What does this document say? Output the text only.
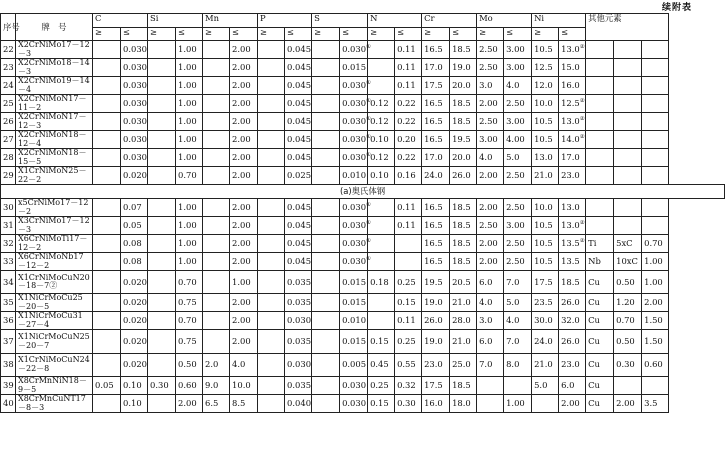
续附表
序号	牌　号	C		Si		Mn		P		S		N		Cr		Mo		Ni		其他元素		
		≥	≤	≥	≤	≥	≤	≥	≤	≥	≤	≥	≤	≥	≤	≥	≤	≥	≤			
22	X2CrNiMo17－12－3		0.030		1.00		2.00		0.045		0.030①		0.11	16.5	18.5	2.50	3.00	10.5	13.0②			
23	X2CrNiMo18－14－3		0.030		1.00		2.00		0.045		0.015		0.11	17.0	19.0	2.50	3.00	12.5	15.0			
24	X2CrNiMo19－14－4		0.030		1.00		2.00		0.045		0.030①		0.11	17.5	20.0	3.0	4.0	12.0	16.0			
25	X2CrNiMoN17－11－2		0.030		1.00		2.00		0.045		0.030①	0.12	0.22	16.5	18.5	2.00	2.50	10.0	12.5②			
26	X2CrNiMoN17－12－3		0.030		1.00		2.00		0.045		0.030①	0.12	0.22	16.5	18.5	2.50	3.00	10.5	13.0②			
27	X2CrNiMoN18－12－4		0.030		1.00		2.00		0.045		0.030①	0.10	0.20	16.5	19.5	3.00	4.00	10.5	14.0②			
28	X2CrNiMoN18－15－5		0.030		1.00		2.00		0.045		0.030①	0.12	0.22	17.0	20.0	4.0	5.0	13.0	17.0			
29	X1CrNiMoN25－22－2		0.020		0.70		2.00		0.025		0.010	0.10	0.16	24.0	26.0	2.00	2.50	21.0	23.0			
(a)奥氏体钢																						
30	x5CrNiMo17－12－2		0.07		1.00		2.00		0.045		0.030①		0.11	16.5	18.5	2.00	2.50	10.0	13.0			
31	X3CrNiMo17－12－3		0.05		1.00		2.00		0.045		0.030①		0.11	16.5	18.5	2.50	3.00	10.5	13.0②			
32	X6CrNiMoTi17－12－2		0.08		1.00		2.00		0.045		0.030①			16.5	18.5	2.00	2.50	10.5	13.5②	Ti	5xC	0.70
33	X6CrNiMoNb17－12－2		0.08		1.00		2.00		0.045		0.030①			16.5	18.5	2.00	2.50	10.5	13.5	Nb	10xC	1.00
34	X1CrNiMoCuN20－18－7②		0.020		0.70		1.00		0.035		0.015	0.18	0.25	19.5	20.5	6.0	7.0	17.5	18.5	Cu	0.50	1.00
35	X1NiCrMoCu25－20－5		0.020		0.75		2.00		0.035		0.015		0.15	19.0	21.0	4.0	5.0	23.5	26.0	Cu	1.20	2.00
36	X1NiCrMoCu31－27－4		0.020		0.70		2.00		0.030		0.010		0.11	26.0	28.0	3.0	4.0	30.0	32.0	Cu	0.70	1.50
37	X1NiCrMoCuN25－20－7		0.020		0.75		2.00		0.035		0.015	0.15	0.25	19.0	21.0	6.0	7.0	24.0	26.0	Cu	0.50	1.50
38	X1CrNiMoCuN24－22－8		0.020		0.50	2.0	4.0		0.030		0.005	0.45	0.55	23.0	25.0	7.0	8.0	21.0	23.0	Cu	0.30	0.60
39	X8CrMnNiN18－9－5	0.05	0.10	0.30	0.60	9.0	10.0		0.035		0.030	0.25	0.32	17.5	18.5			5.0	6.0	Cu		
40	X8CrMnCuNT17－8－3		0.10		2.00	6.5	8.5		0.040		0.030	0.15	0.30	16.0	18.0		1.00		2.00	Cu	2.00	3.5
